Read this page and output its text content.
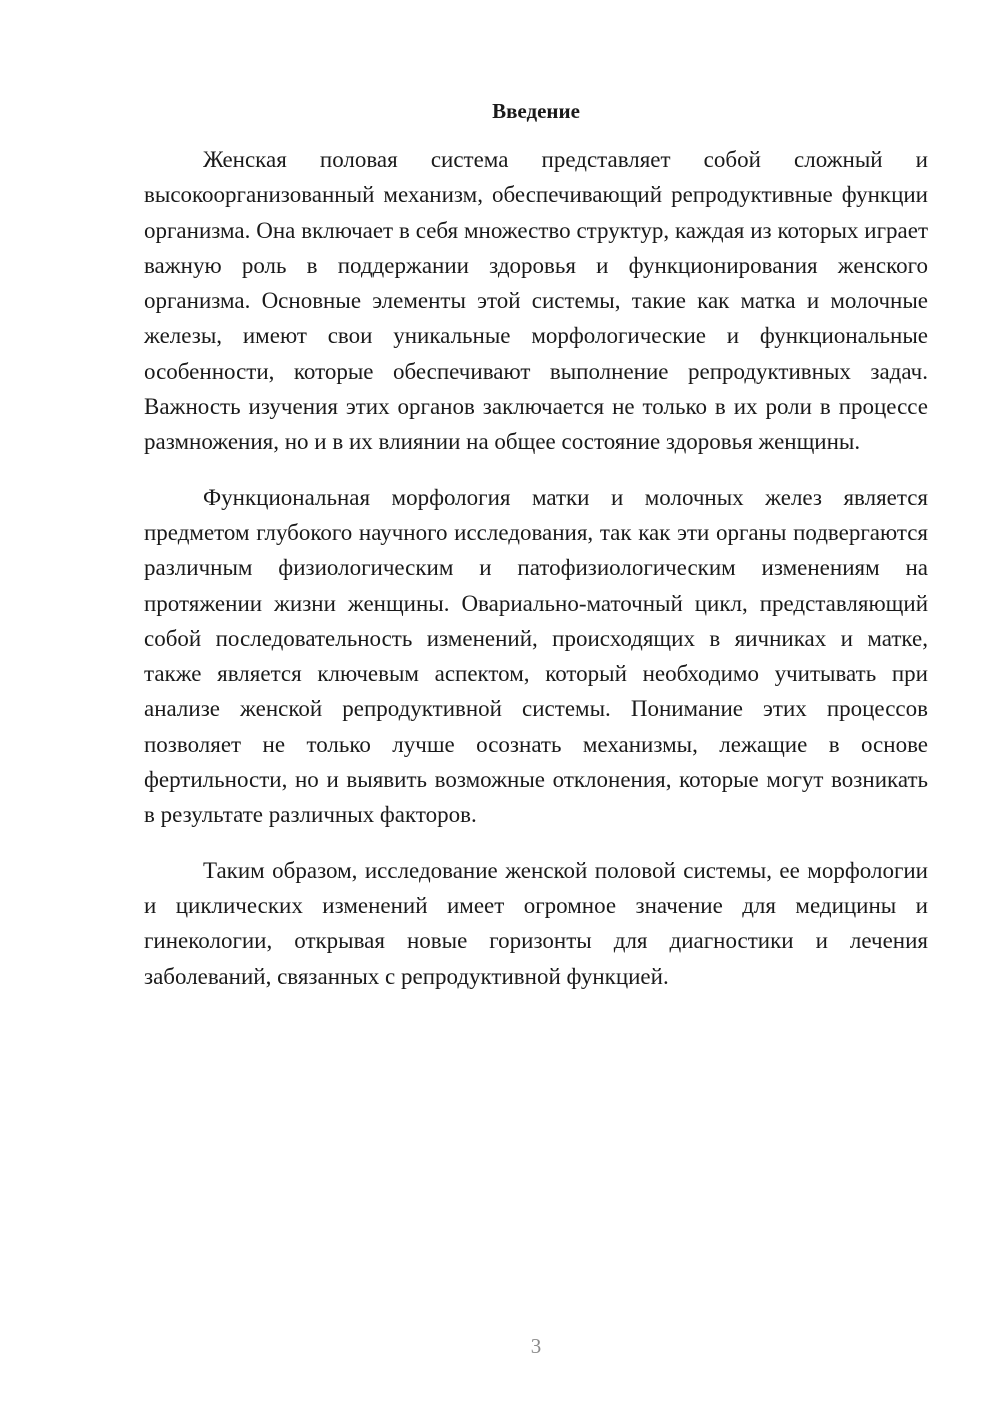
Введение

Женская половая система представляет собой сложный и высокоорганизованный механизм, обеспечивающий репродуктивные функции организма. Она включает в себя множество структур, каждая из которых играет важную роль в поддержании здоровья и функционирования женского организма. Основные элементы этой системы, такие как матка и молочные железы, имеют свои уникальные морфологические и функциональные особенности, которые обеспечивают выполнение репродуктивных задач. Важность изучения этих органов заключается не только в их роли в процессе размножения, но и в их влиянии на общее состояние здоровья женщины.

Функциональная морфология матки и молочных желез является предметом глубокого научного исследования, так как эти органы подвергаются различным физиологическим и патофизиологическим изменениям на протяжении жизни женщины. Овариально-маточный цикл, представляющий собой последовательность изменений, происходящих в яичниках и матке, также является ключевым аспектом, который необходимо учитывать при анализе женской репродуктивной системы. Понимание этих процессов позволяет не только лучше осознать механизмы, лежащие в основе фертильности, но и выявить возможные отклонения, которые могут возникать в результате различных факторов.

Таким образом, исследование женской половой системы, ее морфологии и циклических изменений имеет огромное значение для медицины и гинекологии, открывая новые горизонты для диагностики и лечения заболеваний, связанных с репродуктивной функцией.

3
